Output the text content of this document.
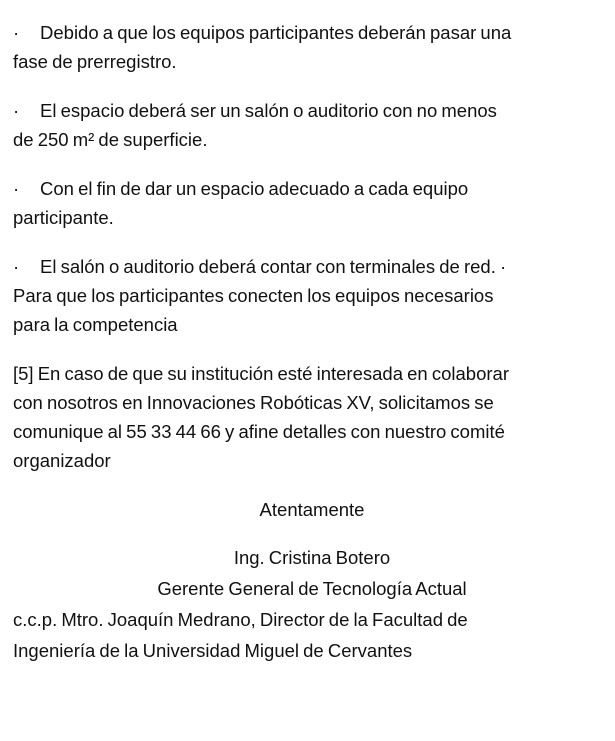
· Debido a que los equipos participantes deberán pasar una
fase de prerregistro.

· El espacio deberá ser un salón o auditorio con no menos
de 250 m² de superficie.

· Con el fin de dar un espacio adecuado a cada equipo
participante.

· El salón o auditorio deberá contar con terminales de red. ·
Para que los participantes conecten los equipos necesarios
para la competencia

[5] En caso de que su institución esté interesada en colaborar
con nosotros en Innovaciones Robóticas XV, solicitamos se
comunique al 55 33 44 66 y afine detalles con nuestro comité
organizador

Atentamente

Ing. Cristina Botero

Gerente General de Tecnología Actual

c.c.p. Mtro. Joaquín Medrano, Director de la Facultad de

Ingeniería de la Universidad Miguel de Cervantes
